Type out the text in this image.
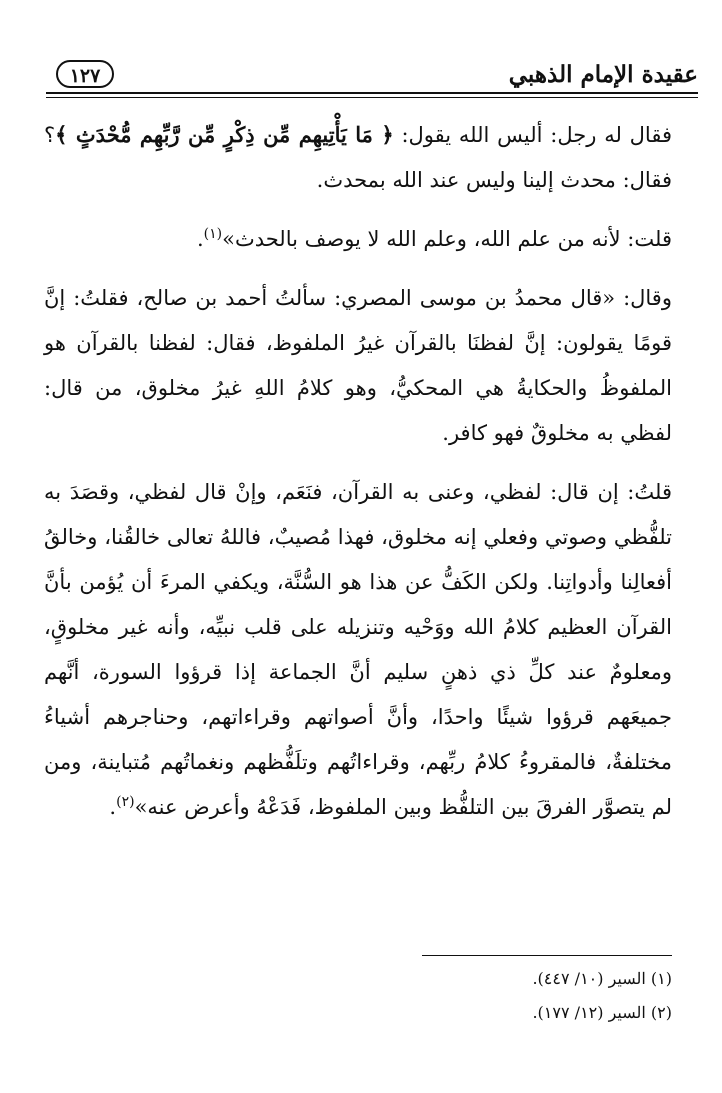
عقيدة الإمام الذهبي
١٢٧

فقال له رجل: أليس الله يقول: ﴿ مَا يَأْتِيهِم مِّن ذِكْرٍ مِّن رَّبِّهِم مُّحْدَثٍ ﴾؟ فقال: محدث إلينا وليس عند الله بمحدث.

قلت: لأنه من علم الله، وعلم الله لا يوصف بالحدث»$^{(١)}$.

وقال: «قال محمدُ بن موسى المصري: سألتُ أحمد بن صالح، فقلتُ: إنَّ قومًا يقولون: إنَّ لفظنَا بالقرآن غيرُ الملفوظ، فقال: لفظنا بالقرآن هو الملفوظُ والحكايةُ هي المحكيُّ، وهو كلامُ اللهِ غيرُ مخلوق، من قال: لفظي به مخلوقٌ فهو كافر.

قلتُ: إن قال: لفظي، وعنى به القرآن، فنَعَم، وإنْ قال لفظي، وقصَدَ به تلفُّظي وصوتي وفعلي إنه مخلوق، فهذا مُصيبٌ، فاللهُ تعالى خالقُنا، وخالقُ أفعالِنا وأدواتِنا. ولكن الكَفُّ عن هذا هو السُّنَّة، ويكفي المرءَ أن يُؤمن بأنَّ القرآن العظيم كلامُ الله ووَحْيه وتنزيله على قلب نبيِّه، وأنه غير مخلوقٍ، ومعلومٌ عند كلِّ ذي ذهنٍ سليم أنَّ الجماعة إذا قرؤوا السورة، أنَّهم جميعَهم قرؤوا شيئًا واحدًا، وأنَّ أصواتهم وقراءاتهم، وحناجرهم أشياءُ مختلفةٌ، فالمقروءُ كلامُ ربِّهم، وقراءاتُهم وتلَفُّظهم ونغماتُهم مُتباينة، ومن لم يتصوَّر الفرقَ بين التلفُّظ وبين الملفوظ، فَدَعْهُ وأعرض عنه»$^{(٢)}$.

(١) السير (١٠/ ٤٤٧).
(٢) السير (١٢/ ١٧٧).
